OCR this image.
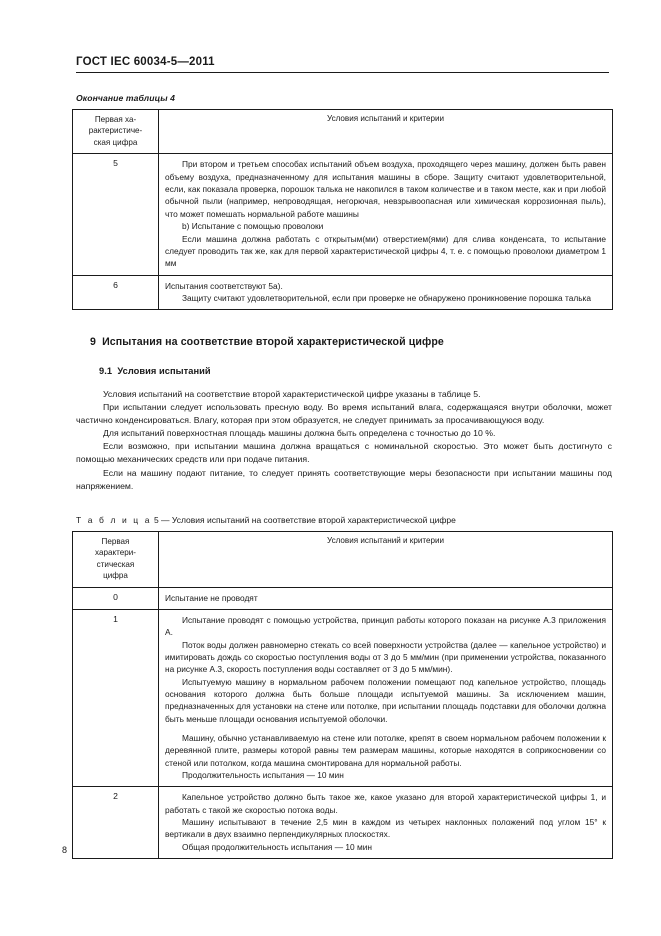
ГОСТ IEC 60034-5—2011
Окончание таблицы 4
Первая ха-
рактеристиче-
ская цифра	Условия испытаний и критерии
5	При втором и третьем способах испытаний объем воздуха, проходящего через машину, должен быть равен объему воздуха, предназначенному для испытания машины в сборе. Защиту считают удовлетворительной, если, как показала проверка, порошок талька не накопился в таком количестве и в таком месте, как и при любой обычной пыли (например, непроводящая, негорючая, невзрывоопасная или химическая коррозионная пыль), что может помешать нормальной работе машины

b) Испытание с помощью проволоки

Если машина должна работать с открытым(ми) отверстием(ями) для слива конденсата, то испытание следует проводить так же, как для первой характеристической цифры 4, т. е. с помощью проволоки диаметром 1 мм

6	Испытания соответствуют 5a).

Защиту считают удовлетворительной, если при проверке не обнаружено проникновение порошка талька

9 Испытания на соответствие второй характеристической цифре
9.1 Условия испытаний

Условия испытаний на соответствие второй характеристической цифре указаны в таблице 5.

При испытании следует использовать пресную воду. Во время испытаний влага, содержащаяся внутри оболочки, может частично конденсироваться. Влагу, которая при этом образуется, не следует принимать за просачивающуюся воду.

Для испытаний поверхностная площадь машины должна быть определена с точностью до 10 %.

Если возможно, при испытании машина должна вращаться с номинальной скоростью. Это может быть достигнуто с помощью механических средств или при подаче питания.

Если на машину подают питание, то следует принять соответствующие меры безопасности при испытании машины под напряжением.

Т а б л и ц а 5 — Условия испытаний на соответствие второй характеристической цифре
Первая
характери-
стическая
цифра	Условия испытаний и критерии
0	Испытание не проводят

1	Испытание проводят с помощью устройства, принцип работы которого показан на рисунке А.3 приложения А.

Поток воды должен равномерно стекать со всей поверхности устройства (далее — капельное устройство) и имитировать дождь со скоростью поступления воды от 3 до 5 мм/мин (при применении устройства, показанного на рисунке А.3, скорость поступления воды составляет от 3 до 5 мм/мин).

Испытуемую машину в нормальном рабочем положении помещают под капельное устройство, площадь основания которого должна быть больше площади испытуемой машины. За исключением машин, предназначенных для установки на стене или потолке, при испытании площадь подставки для оболочки должна быть меньше площади основания испытуемой оболочки.

Машину, обычно устанавливаемую на стене или потолке, крепят в своем нормальном рабочем положении к деревянной плите, размеры которой равны тем размерам машины, которые находятся в соприкосновении со стеной или потолком, когда машина смонтирована для нормальной работы.

Продолжительность испытания — 10 мин

2	Капельное устройство должно быть такое же, какое указано для второй характеристической цифры 1, и работать с такой же скоростью потока воды.

Машину испытывают в течение 2,5 мин в каждом из четырех наклонных положений под углом 15° к вертикали в двух взаимно перпендикулярных плоскостях.

Общая продолжительность испытания — 10 мин

8
